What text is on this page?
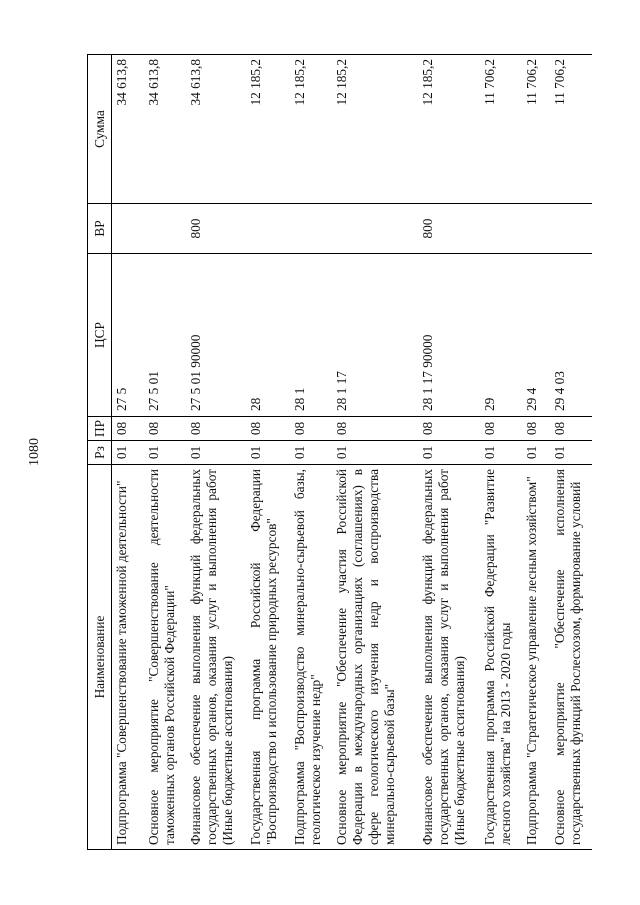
1080
Наименование	Рз	ПР	ЦСР	ВР	Сумма
Подпрограмма "Совершенствование таможенной деятельности"	01	08	27 5		34 613,8
Основное мероприятие "Совершенствование деятельности таможенных органов Российской Федерации"	01	08	27 5 01		34 613,8
Финансовое обеспечение выполнения функций федеральных государственных органов, оказания услуг и выполнения работ (Иные бюджетные ассигнования)	01	08	27 5 01 90000	800	34 613,8
Государственная программа Российской Федерации "Воспроизводство и использование природных ресурсов"	01	08	28		12 185,2
Подпрограмма "Воспроизводство минерально-сырьевой базы, геологическое изучение недр"	01	08	28 1		12 185,2
Основное мероприятие "Обеспечение участия Российской Федерации в международных организациях (соглашениях) в сфере геологического изучения недр и воспроизводства минерально-сырьевой базы"	01	08	28 1 17		12 185,2
Финансовое обеспечение выполнения функций федеральных государственных органов, оказания услуг и выполнения работ (Иные бюджетные ассигнования)	01	08	28 1 17 90000	800	12 185,2
Государственная программа Российской Федерации "Развитие лесного хозяйства" на 2013 - 2020 годы	01	08	29		11 706,2
Подпрограмма "Стратегическое управление лесным хозяйством"	01	08	29 4		11 706,2
Основное мероприятие "Обеспечение исполнения государственных функций Рослесхозом, формирование условий	01	08	29 4 03		11 706,2
